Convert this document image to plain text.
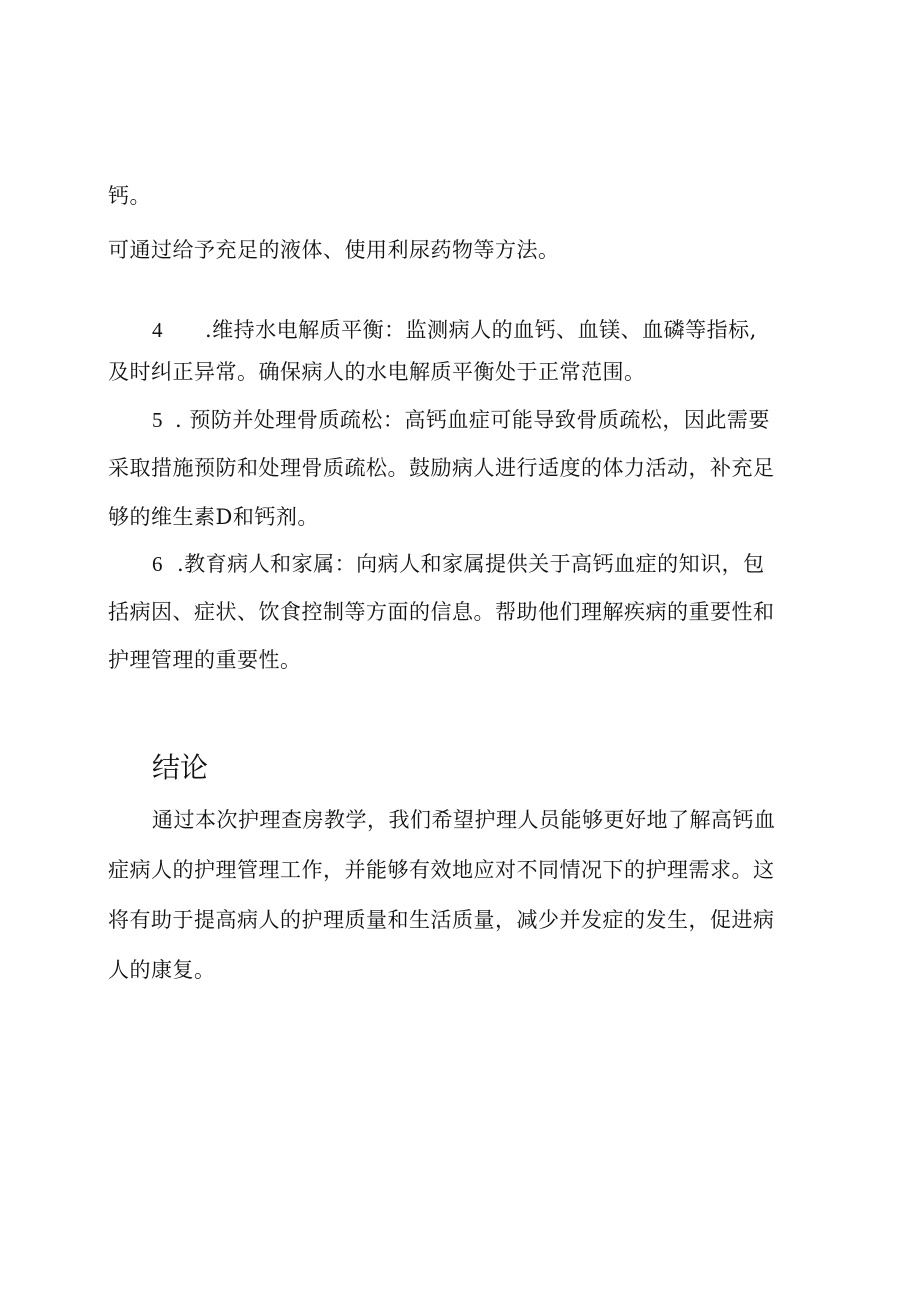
钙。
可通过给予充足的液体、使用利尿药物等方法。
4 .维持水电解质平衡：监测病人的血钙、血镁、血磷等指标,
及时纠正异常。确保病人的水电解质平衡处于正常范围。
5 . 预防并处理骨质疏松：高钙血症可能导致骨质疏松，因此需要
采取措施预防和处理骨质疏松。鼓励病人进行适度的体力活动，补充足
够的维生素D和钙剂。
6 .教育病人和家属：向病人和家属提供关于高钙血症的知识，包
括病因、症状、饮食控制等方面的信息。帮助他们理解疾病的重要性和
护理管理的重要性。
结论
通过本次护理查房教学，我们希望护理人员能够更好地了解高钙血
症病人的护理管理工作，并能够有效地应对不同情况下的护理需求。这
将有助于提高病人的护理质量和生活质量，减少并发症的发生，促进病
人的康复。
